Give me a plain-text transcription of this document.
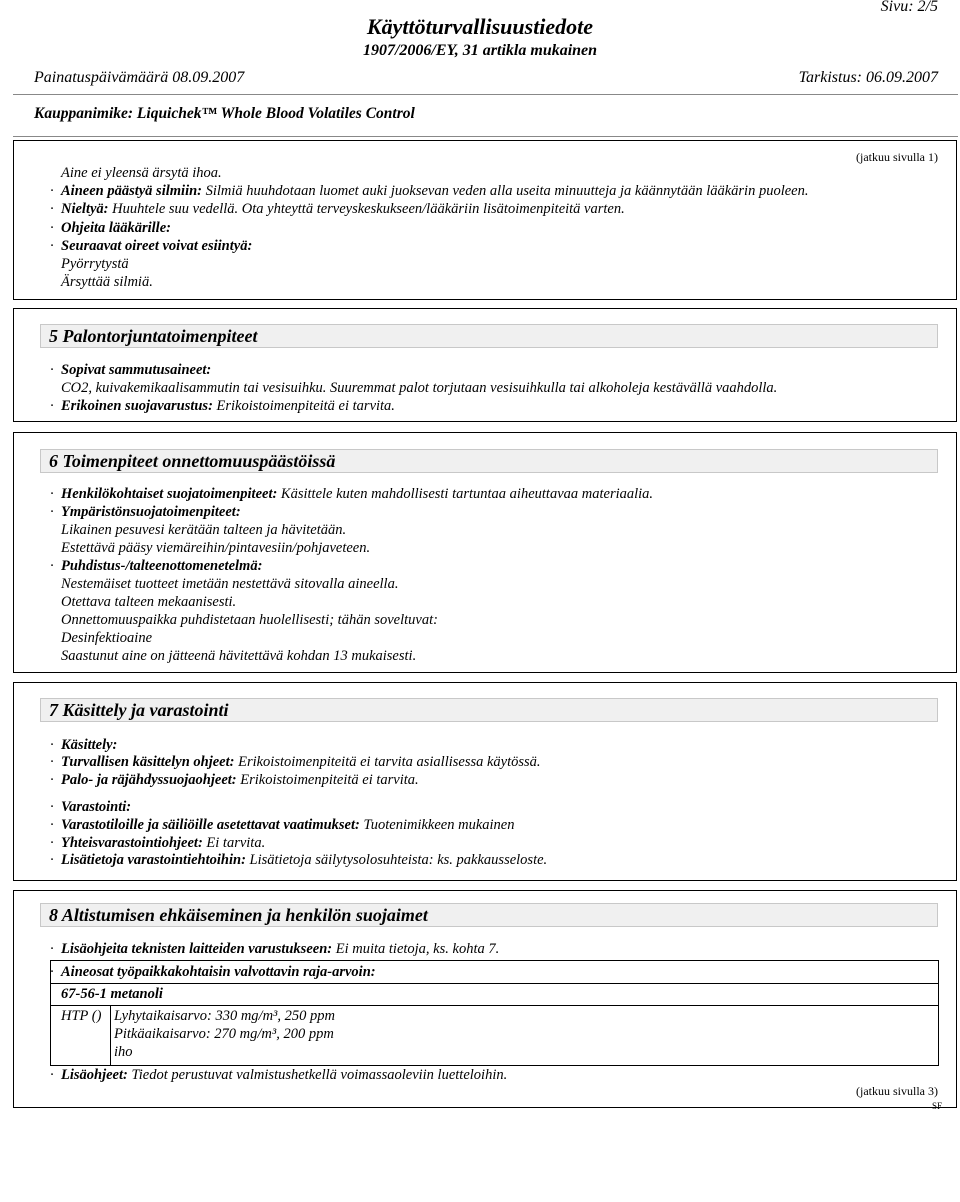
Sivu: 2/5
Käyttöturvallisuustiedote
1907/2006/EY, 31 artikla mukainen
Painatuspäivämäärä 08.09.2007	Tarkistus: 06.09.2007
Kauppanimike: Liquichek™ Whole Blood Volatiles Control
(jatkuu sivulla 1)
Aine ei yleensä ärsytä ihoa.
· Aineen päästyä silmiin: Silmiä huuhdotaan luomet auki juoksevan veden alla useita minuutteja ja käännytään lääkärin puoleen.
· Nieltyä: Huuhtele suu vedellä. Ota yhteyttä terveyskeskukseen/lääkäriin lisätoimenpiteitä varten.
· Ohjeita lääkärille:
· Seuraavat oireet voivat esiintyä:
Pyörrytystä
Ärsyttää silmiä.
5 Palontorjuntatoimenpiteet
· Sopivat sammutusaineet:
CO2, kuivakemikaalisammutin tai vesisuihku. Suuremmat palot torjutaan vesisuihkulla tai alkoholeja kestävällä vaahdolla.
· Erikoinen suojavarustus: Erikoistoimenpiteitä ei tarvita.
6 Toimenpiteet onnettomuuspäästöissä
· Henkilökohtaiset suojatoimenpiteet: Käsittele kuten mahdollisesti tartuntaa aiheuttavaa materiaalia.
· Ympäristönsuojatoimenpiteet:
Likainen pesuvesi kerätään talteen ja hävitetään.
Estettävä pääsy viemäreihin/pintavesiin/pohjaveteen.
· Puhdistus-/talteenottomenetelmä:
Nestemäiset tuotteet imetään nestettävä sitovalla aineella.
Otettava talteen mekaanisesti.
Onnettomuuspaikka puhdistetaan huolellisesti; tähän soveltuvat:
Desinfektioaine
Saastunut aine on jätteenä hävitettävä kohdan 13 mukaisesti.
7 Käsittely ja varastointi
· Käsittely:
· Turvallisen käsittelyn ohjeet: Erikoistoimenpiteitä ei tarvita asiallisessa käytössä.
· Palo- ja räjähdyssuojaohjeet: Erikoistoimenpiteitä ei tarvita.
· Varastointi:
· Varastotiloille ja säiliöille asetettavat vaatimukset: Tuotenimikkeen mukainen
· Yhteisvarastointiohjeet: Ei tarvita.
· Lisätietoja varastointiehtoihin: Lisätietoja säilytysolosuhteista: ks. pakkausseloste.
8 Altistumisen ehkäiseminen ja henkilön suojaimet
· Lisäohjeita teknisten laitteiden varustukseen: Ei muita tietoja, ks. kohta 7.
· Aineosat työpaikkakohtaisin valvottavin raja-arvoin:
67-56-1 metanoli
HTP () Lyhytaikaisarvo: 330 mg/m³, 250 ppm
Pitkäaikaisarvo: 270 mg/m³, 200 ppm
iho
· Lisäohjeet: Tiedot perustuvat valmistushetkellä voimassaoleviin luetteloihin.
(jatkuu sivulla 3)
SF
